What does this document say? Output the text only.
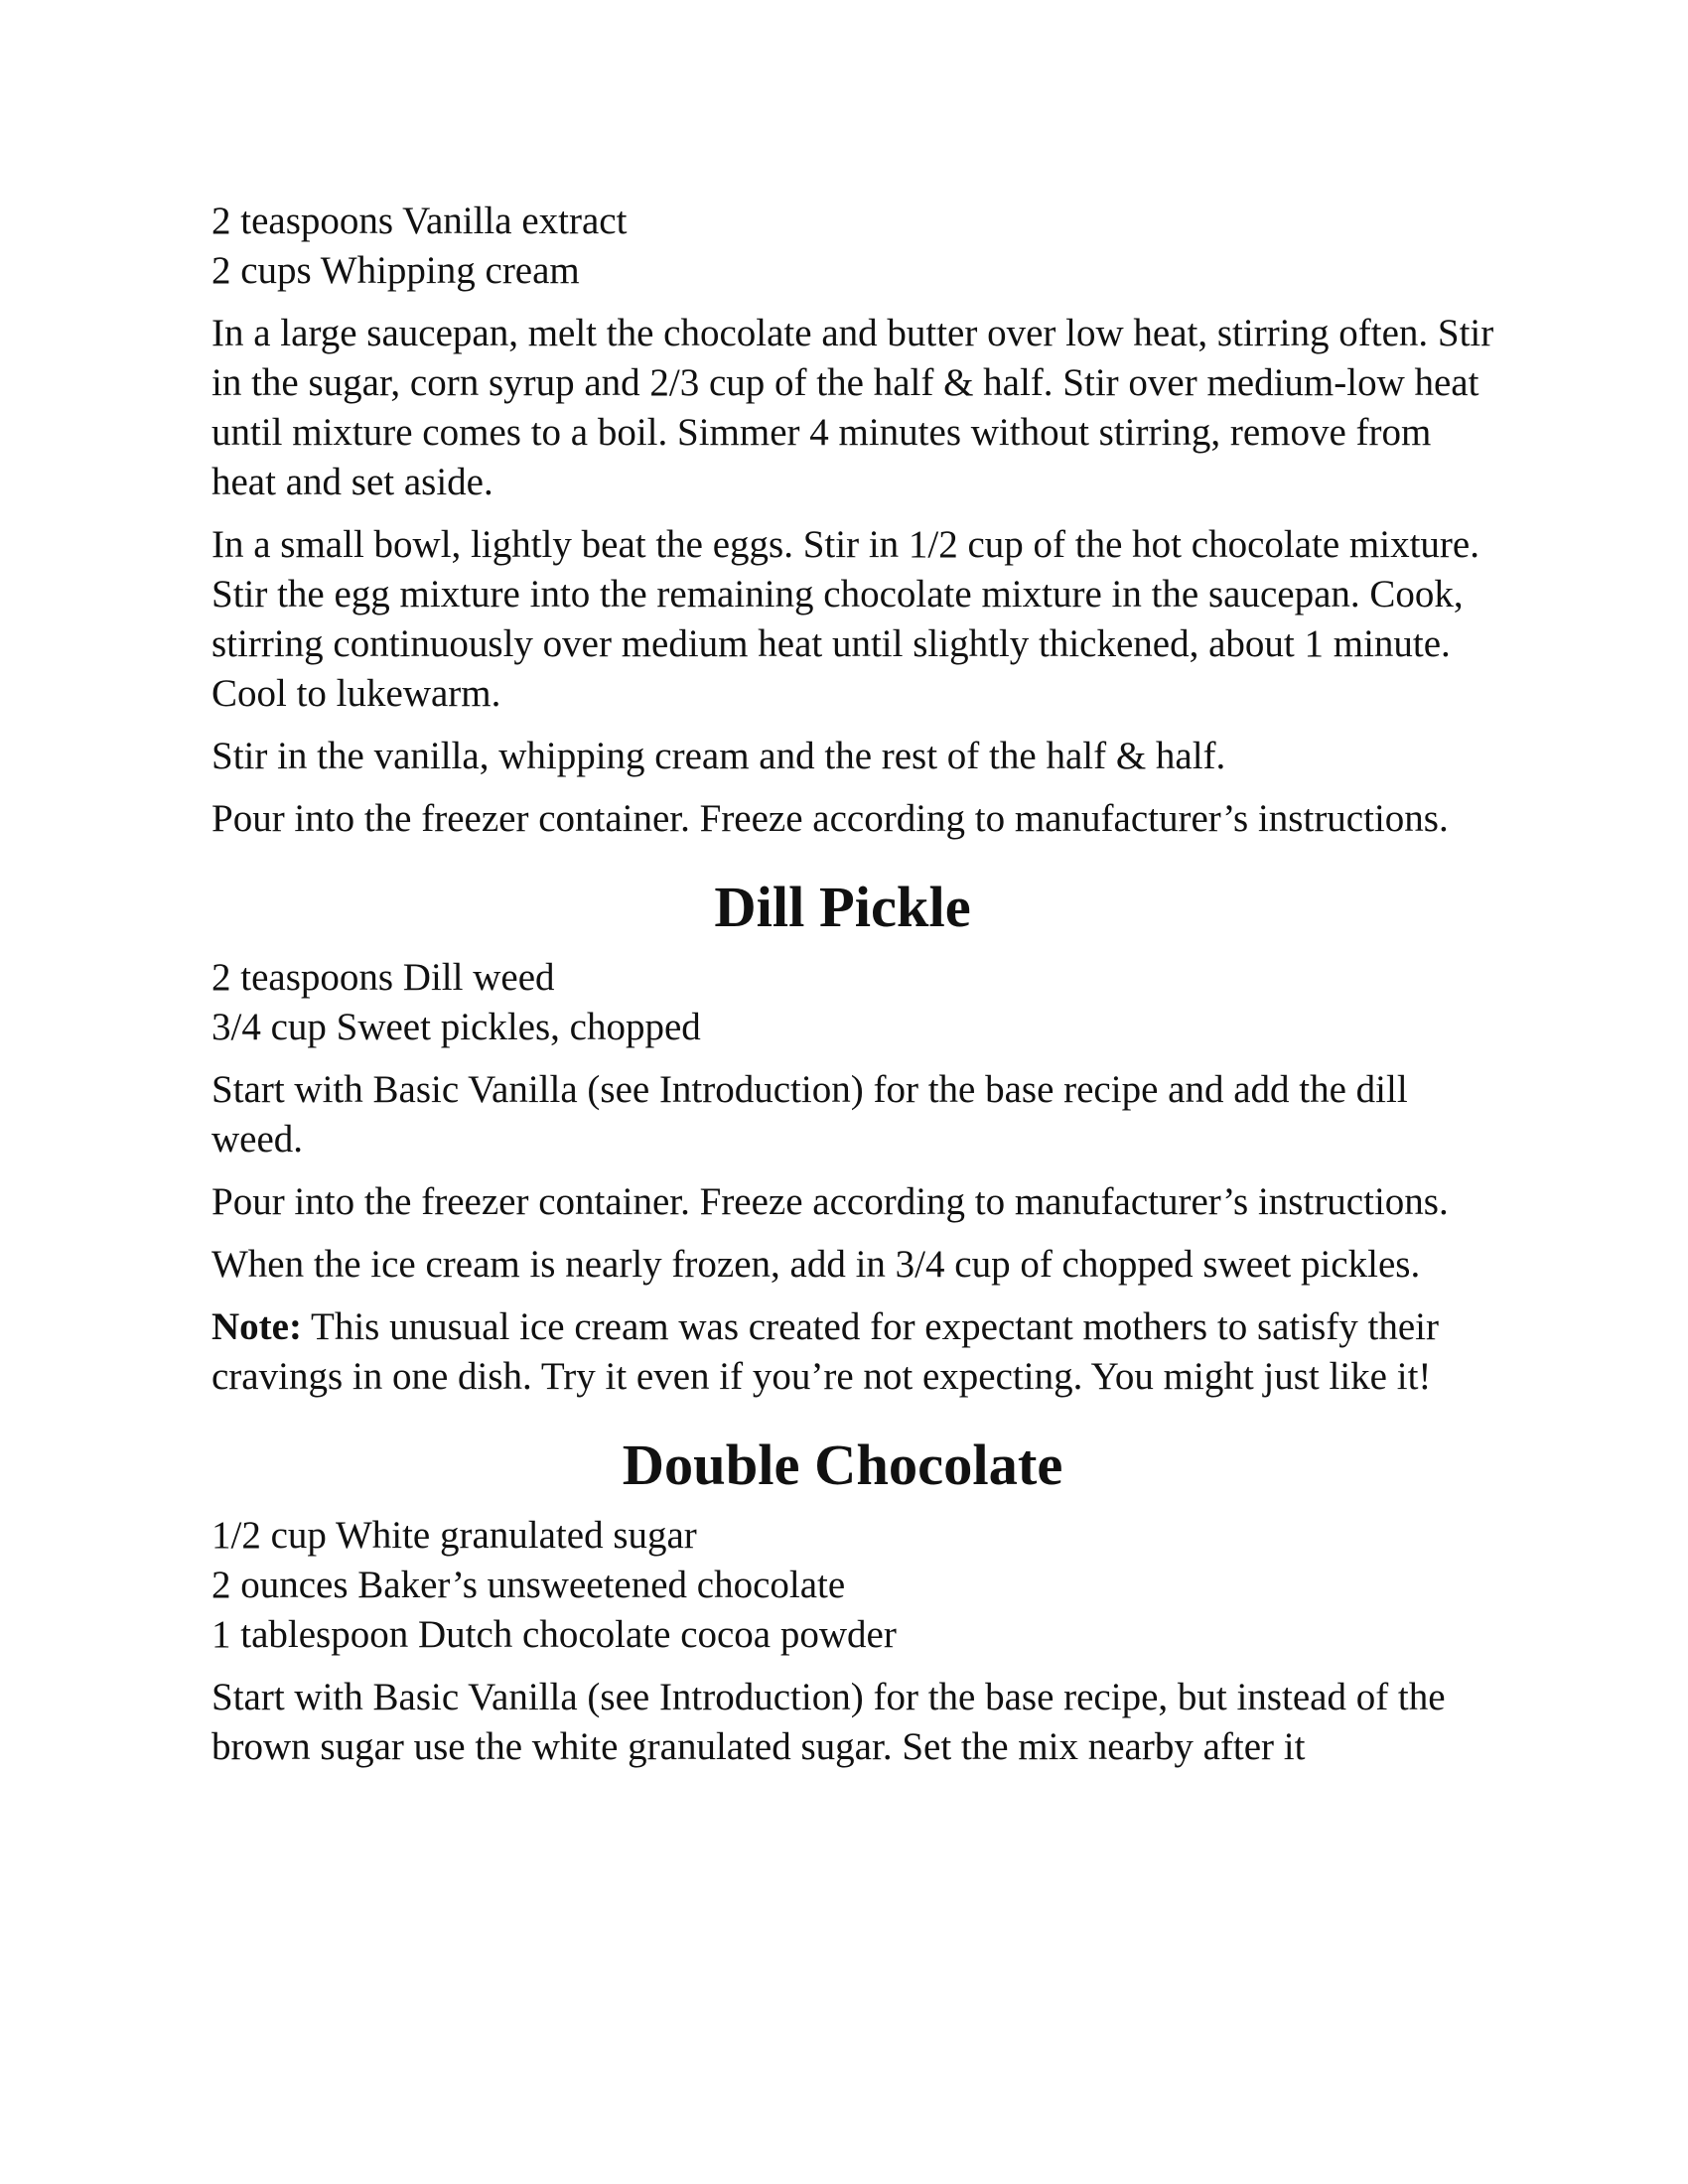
2 teaspoons Vanilla extract

2 cups Whipping cream

In a large saucepan, melt the chocolate and butter over low heat, stirring often. Stir in the sugar, corn syrup and 2/3 cup of the half & half. Stir over medium-low heat until mixture comes to a boil. Simmer 4 minutes without stirring, remove from heat and set aside.

In a small bowl, lightly beat the eggs. Stir in 1/2 cup of the hot chocolate mixture. Stir the egg mixture into the remaining chocolate mixture in the saucepan. Cook, stirring continuously over medium heat until slightly thickened, about 1 minute. Cool to lukewarm.

Stir in the vanilla, whipping cream and the rest of the half & half.

Pour into the freezer container. Freeze according to manufacturer’s instructions.

Dill Pickle

2 teaspoons Dill weed

3/4 cup Sweet pickles, chopped

Start with Basic Vanilla (see Introduction) for the base recipe and add the dill weed.

Pour into the freezer container. Freeze according to manufacturer’s instructions.

When the ice cream is nearly frozen, add in 3/4 cup of chopped sweet pickles.

Note: This unusual ice cream was created for expectant mothers to satisfy their cravings in one dish. Try it even if you’re not expecting. You might just like it!

Double Chocolate

1/2 cup White granulated sugar

2 ounces Baker’s unsweetened chocolate

1 tablespoon Dutch chocolate cocoa powder

Start with Basic Vanilla (see Introduction) for the base recipe, but instead of the brown sugar use the white granulated sugar. Set the mix nearby after it
